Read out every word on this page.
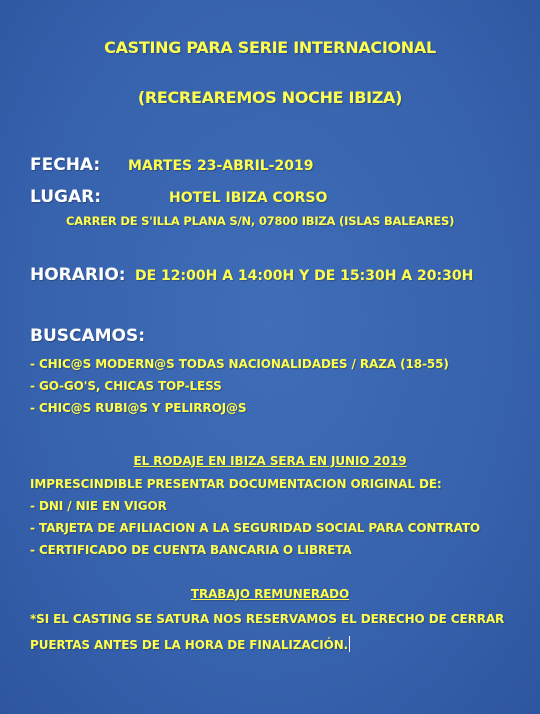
CASTING PARA SERIE INTERNACIONAL
(RECREAREMOS NOCHE IBIZA)
FECHA: MARTES 23-ABRIL-2019
LUGAR:	HOTEL IBIZA CORSO
CARRER DE S'ILLA PLANA S/N, 07800 IBIZA (ISLAS BALEARES)
HORARIO: DE 12:00H A 14:00H Y DE 15:30H A 20:30H
BUSCAMOS:
- CHIC@S MODERN@S TODAS NACIONALIDADES / RAZA (18-55)
- GO-GO'S, CHICAS TOP-LESS
- CHIC@S RUBI@S Y PELIRROJ@S
EL RODAJE EN IBIZA SERA EN JUNIO 2019
IMPRESCINDIBLE PRESENTAR DOCUMENTACION ORIGINAL DE:
- DNI / NIE EN VIGOR
- TARJETA DE AFILIACION A LA SEGURIDAD SOCIAL PARA CONTRATO
- CERTIFICADO DE CUENTA BANCARIA O LIBRETA
TRABAJO REMUNERADO
*SI EL CASTING SE SATURA NOS RESERVAMOS EL DERECHO DE CERRAR
PUERTAS ANTES DE LA HORA DE FINALIZACIÓN.
